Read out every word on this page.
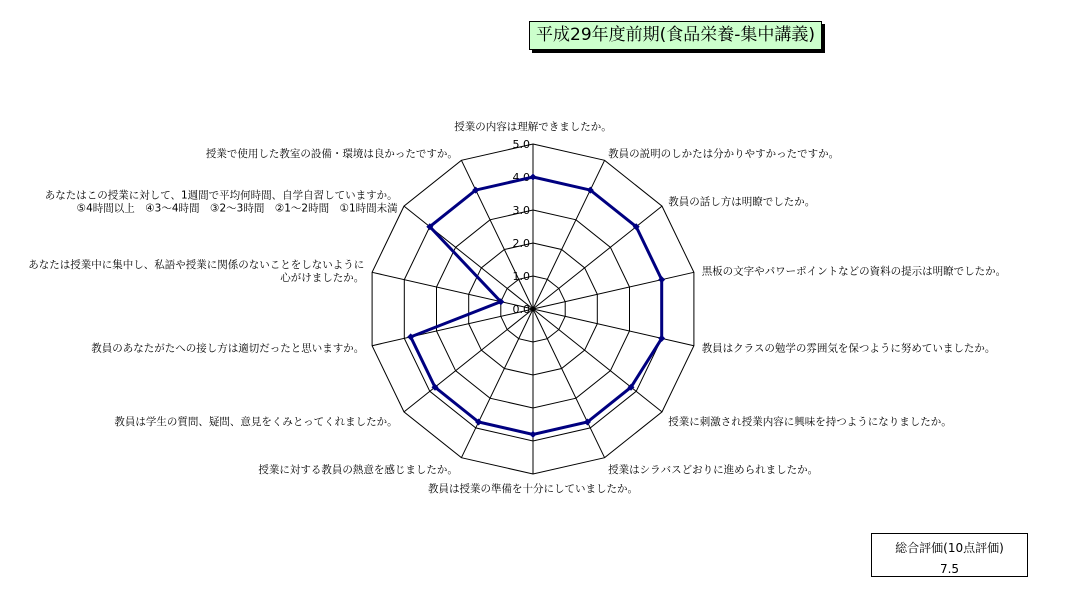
平成29年度前期(食品栄養-集中講義)
0.0
1.0
2.0
3.0
4.0
5.0
授業の内容は理解できましたか。
教員の説明のしかたは分かりやすかったですか。
教員の話し方は明瞭でしたか。
黒板の文字やパワーポイントなどの資料の提示は明瞭でしたか。
教員はクラスの勉学の雰囲気を保つように努めていましたか。
授業に刺激され授業内容に興味を持つようになりましたか。
授業はシラバスどおりに進められましたか。
教員は授業の準備を十分にしていましたか。
授業に対する教員の熱意を感じましたか。
教員は学生の質問、疑問、意見をくみとってくれましたか。
教員のあなたがたへの接し方は適切だったと思いますか。
あなたは授業中に集中し、私語や授業に関係のないことをしないように
心がけましたか。
あなたはこの授業に対して、1週間で平均何時間、自学自習していますか。
⑤4時間以上　④3～4時間　③2～3時間　②1～2時間　①1時間未満
授業で使用した教室の設備・環境は良かったですか。
総合評価(10点評価)
7.5
